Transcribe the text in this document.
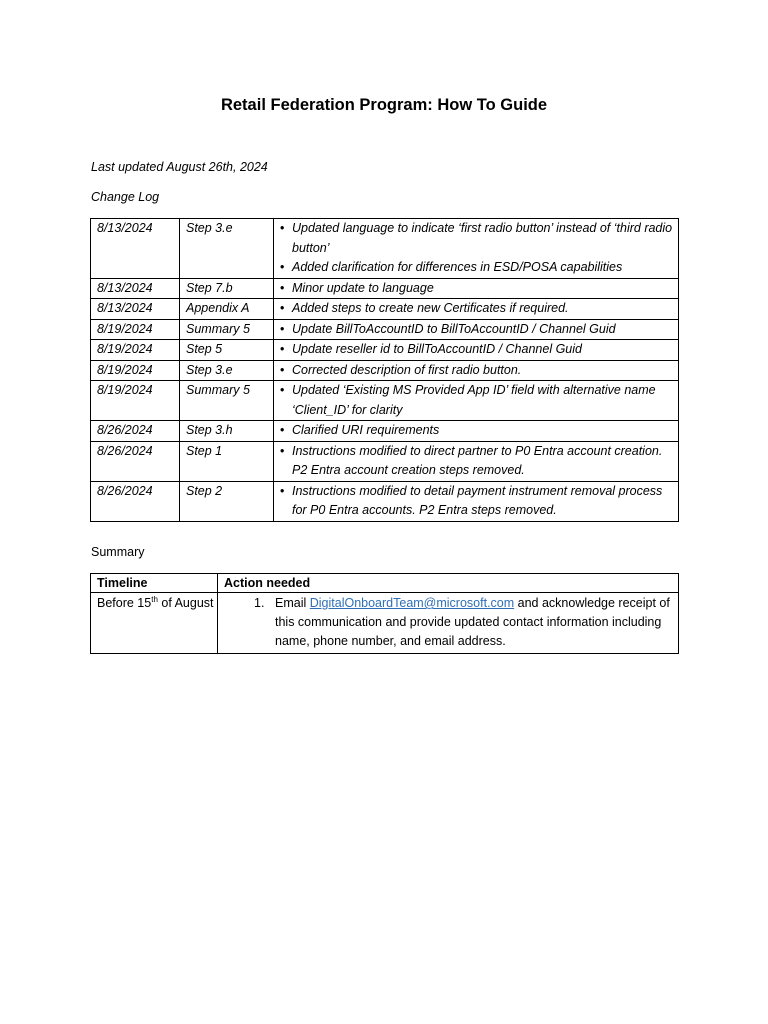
Retail Federation Program: How To Guide
Last updated August 26th, 2024
Change Log
8/13/2024	Step 3.e	• Updated language to indicate ‘first radio button’ instead of ‘third radio button’
• Added clarification for differences in ESD/POSA capabilities

8/13/2024	Step 7.b	• Minor update to language

8/13/2024	Appendix A	• Added steps to create new Certificates if required.

8/19/2024	Summary 5	• Update BillToAccountID to BillToAccountID / Channel Guid

8/19/2024	Step 5	• Update reseller id to BillToAccountID / Channel Guid

8/19/2024	Step 3.e	• Corrected description of first radio button.

8/19/2024	Summary 5	• Updated ‘Existing MS Provided App ID’ field with alternative name ‘Client_ID’ for clarity

8/26/2024	Step 3.h	• Clarified URI requirements

8/26/2024	Step 1	• Instructions modified to direct partner to P0 Entra account creation. P2 Entra account creation steps removed.

8/26/2024	Step 2	• Instructions modified to detail payment instrument removal process for P0 Entra accounts. P2 Entra steps removed.
Summary
Timeline	Action needed
Before 15th of August	1. Email DigitalOnboardTeam@microsoft.com and acknowledge receipt of this communication and provide updated contact information including name, phone number, and email address.
